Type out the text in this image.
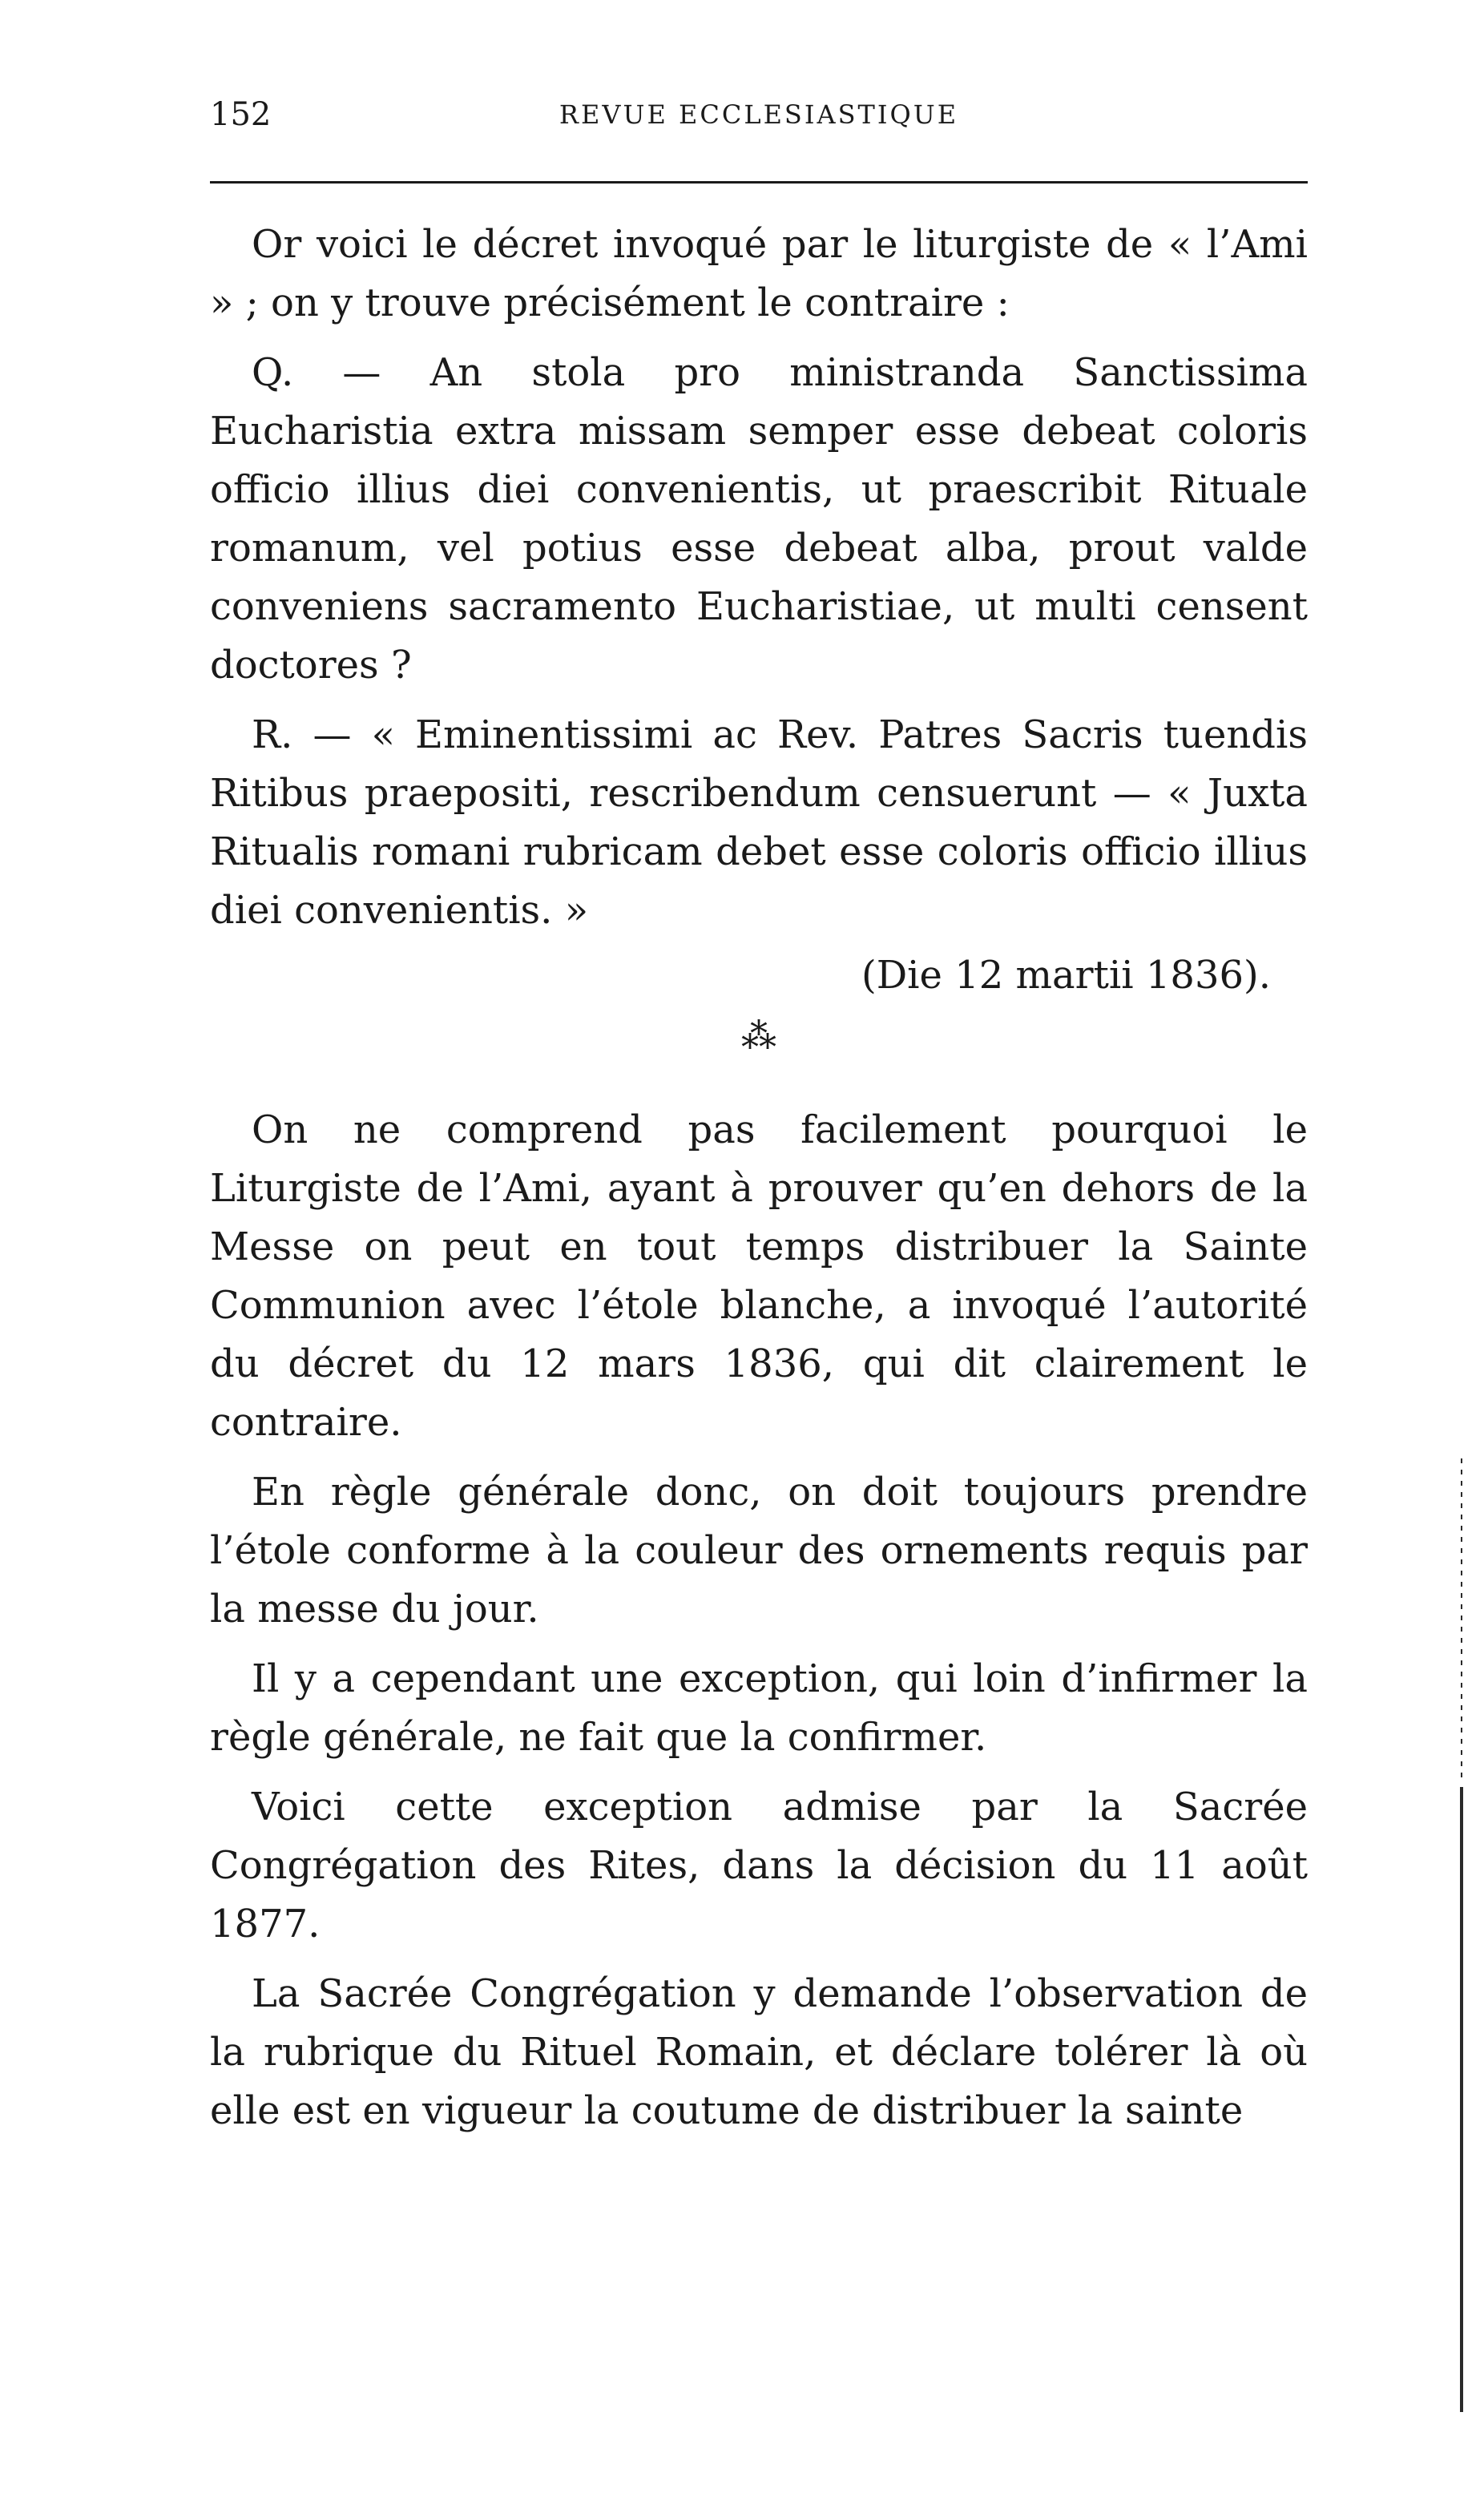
152	REVUE ECCLESIASTIQUE

Or voici le décret invoqué par le liturgiste de « l’Ami » ; on y trouve précisément le contraire :

Q. — An stola pro ministranda Sanctissima Eucharistia extra missam semper esse debeat coloris officio illius diei convenientis, ut praescribit Rituale romanum, vel potius esse debeat alba, prout valde conveniens sacramento Eucharistiae, ut multi censent doctores ?

R. — « Eminentissimi ac Rev. Patres Sacris tuendis Ritibus praepositi, rescribendum censuerunt — « Juxta Ritualis romani rubricam debet esse coloris officio illius diei convenientis. »

(Die 12 martii 1836).

⁂

On ne comprend pas facilement pourquoi le Liturgiste de l’Ami, ayant à prouver qu’en dehors de la Messe on peut en tout temps distribuer la Sainte Communion avec l’étole blanche, a invoqué l’autorité du décret du 12 mars 1836, qui dit clairement le contraire.

En règle générale donc, on doit toujours prendre l’étole conforme à la couleur des ornements requis par la messe du jour.

Il y a cependant une exception, qui loin d’infirmer la règle générale, ne fait que la confirmer.

Voici cette exception admise par la Sacrée Congrégation des Rites, dans la décision du 11 août 1877.

La Sacrée Congrégation y demande l’observation de la rubrique du Rituel Romain, et déclare tolérer là où elle est en vigueur la coutume de distribuer la sainte
